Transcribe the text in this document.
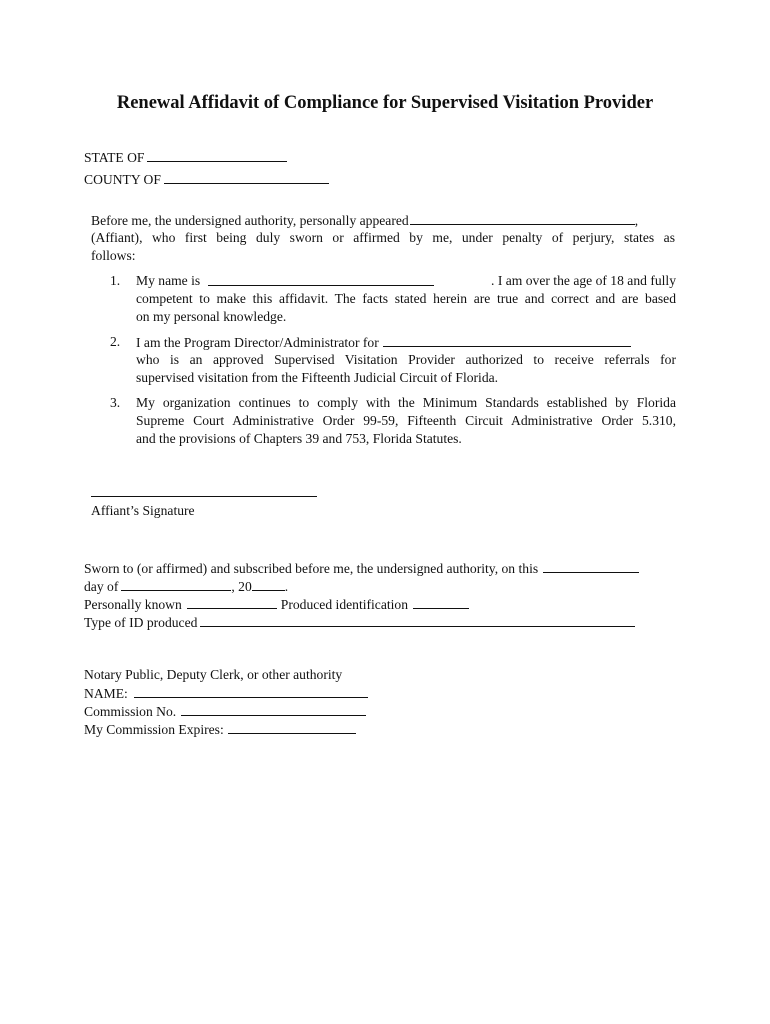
Renewal Affidavit of Compliance for Supervised Visitation Provider
STATE OF
COUNTY OF
Before me, the undersigned authority, personally appeared	,
(Affiant), who first being duly sworn or affirmed by me, under penalty of perjury, states as
follows:
1. My name is	. I am over the age of 18 and fully
competent to make this affidavit. The facts stated herein are true and correct and are based
on my personal knowledge.
2. I am the Program Director/Administrator for
who is an approved Supervised Visitation Provider authorized to receive referrals for
supervised visitation from the Fifteenth Judicial Circuit of Florida.
3. My organization continues to comply with the Minimum Standards established by Florida
Supreme Court Administrative Order 99-59, Fifteenth Circuit Administrative Order 5.310,
and the provisions of Chapters 39 and 753, Florida Statutes.
Affiant’s Signature
Sworn to (or affirmed) and subscribed before me, the undersigned authority, on this
day of	, 20 .
Personally known	Produced identification
Type of ID produced
Notary Public, Deputy Clerk, or other authority
NAME:
Commission No.
My Commission Expires:
